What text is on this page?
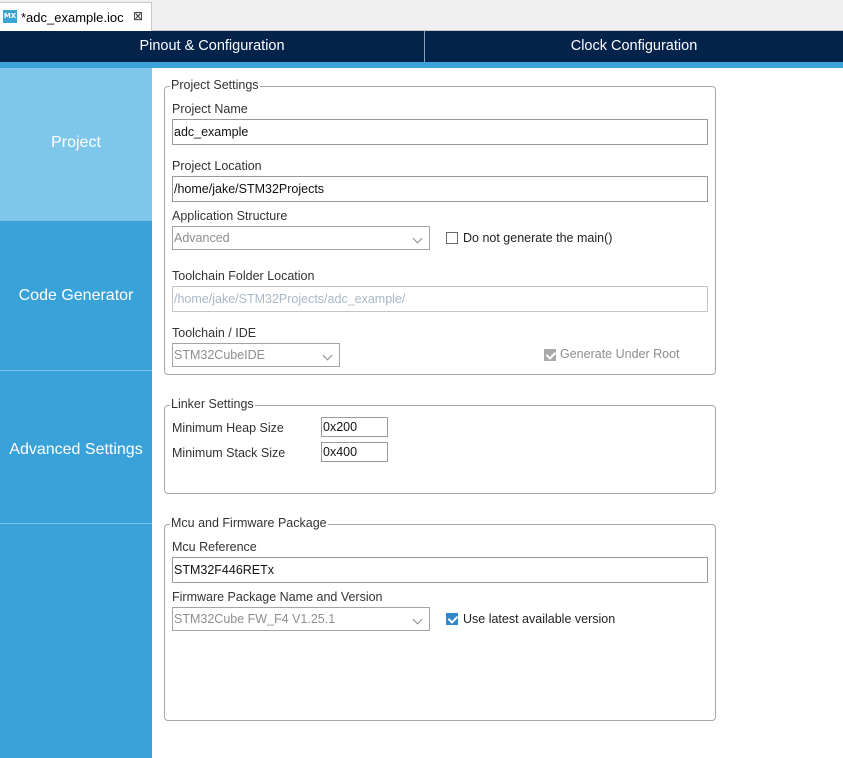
MX *adc_example.ioc ⊠
Pinout & Configuration	Clock Configuration
Project
Code Generator
Advanced Settings
Project Settings
Project Name
adc_example
Project Location
/home/jake/STM32Projects
Application Structure
Advanced	Do not generate the main()
Toolchain Folder Location
/home/jake/STM32Projects/adc_example/
Toolchain / IDE
STM32CubeIDE	Generate Under Root
Linker Settings
Minimum Heap Size	0x200
Minimum Stack Size	0x400
Mcu and Firmware Package
Mcu Reference
STM32F446RETx
Firmware Package Name and Version
STM32Cube FW_F4 V1.25.1	Use latest available version
